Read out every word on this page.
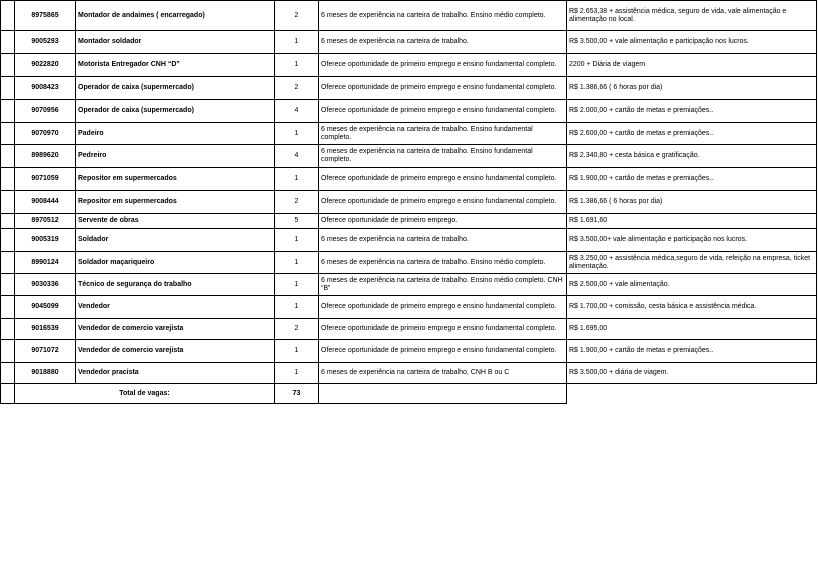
	8975865	Montador de andaimes ( encarregado)	2	6 meses de experiência na carteira de trabalho. Ensino médio completo.	R$ 2.653,38 + assistência médica, seguro de vida, vale alimentação e alimentação no local.
	9005293	Montador soldador	1	6 meses de experiência na carteira de trabalho.	R$ 3.500,00 + vale alimentação e participação nos lucros.
	9022820	Motorista Entregador CNH “D”	1	Oferece oportunidade de primeiro emprego e ensino fundamental completo.	2200 + Diária de viagem
	9008423	Operador de caixa (supermercado)	2	Oferece oportunidade de primeiro emprego e ensino fundamental completo.	R$ 1.386,66 ( 6 horas por dia)
	9070956	Operador de caixa (supermercado)	4	Oferece oportunidade de primeiro emprego e ensino fundamental completo.	R$ 2.000,00 + cartão de metas e premiações..
	9070970	Padeiro	1	6 meses de experiência na carteira de trabalho. Ensino fundamental completo.	R$ 2.600,00 + cartão de metas e premiações..
	8989620	Pedreiro	4	6 meses de experiência na carteira de trabalho. Ensino fundamental completo.	R$ 2.340,80 + cesta básica e gratificação.
	9071059	Repositor em supermercados	1	Oferece oportunidade de primeiro emprego e ensino fundamental completo.	R$ 1.900,00 + cartão de metas e premiações..
	9008444	Repositor em supermercados	2	Oferece oportunidade de primeiro emprego e ensino fundamental completo.	R$ 1.386,66 ( 6 horas por dia)
	8970512	Servente de obras	5	Oferece oportunidade de primeiro emprego.	R$ 1.691,60
	9005319	Soldador	1	6 meses de experiência na carteira de trabalho.	R$ 3.500,00+ vale alimentação e participação nos lucros.
	8990124	Soldador maçariqueiro	1	6 meses de experiência na carteira de trabalho. Ensino médio completo.	R$ 3.250,00 + assistência médica,seguro de vida, refeição na empresa, ticket alimentação.
	9030336	Técnico de segurança do trabalho	1	6 meses de experiência na carteira de trabalho. Ensino médio completo. CNH “B”	R$ 2.500,00 + vale alimentação.
	9045099	Vendedor	1	Oferece oportunidade de primeiro emprego e ensino fundamental completo.	R$ 1.700,00 + comissão, cesta básica e assistência médica.
	9016539	Vendedor de comercio varejista	2	Oferece oportunidade de primeiro emprego e ensino fundamental completo.	R$ 1.695,00
	9071072	Vendedor de comercio varejista	1	Oferece oportunidade de primeiro emprego e ensino fundamental completo.	R$ 1.900,00 + cartão de metas e premiações..
	9018880	Vendedor pracista	1	6 meses de experiência na carteira de trabalho, CNH B ou C	R$ 3.500,00 + diária de viagem.
	Total de vagas:		73		
